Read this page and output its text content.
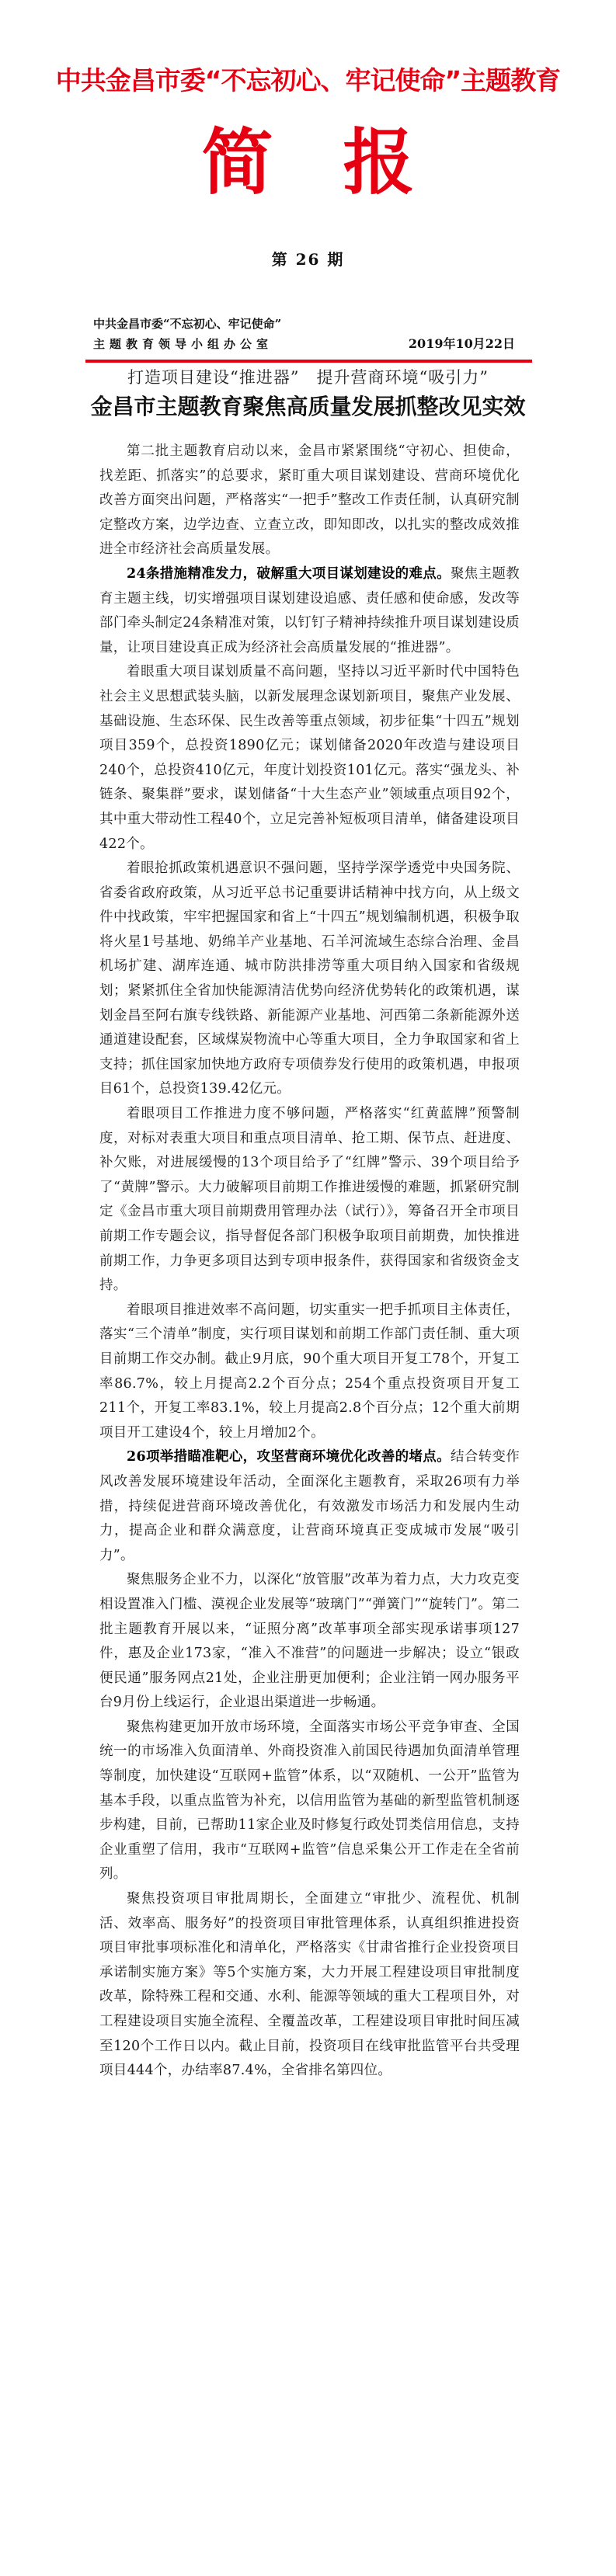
中共金昌市委“不忘初心、牢记使命”主题教育
简报
第 26 期
中共金昌市委“不忘初心、牢记使命”
主题教育领导小组办公室	2019年10月22日
打造项目建设“推进器”　提升营商环境“吸引力”
金昌市主题教育聚焦高质量发展抓整改见实效

第二批主题教育启动以来，金昌市紧紧围绕“守初心、担使命，找差距、抓落实”的总要求，紧盯重大项目谋划建设、营商环境优化改善方面突出问题，严格落实“一把手”整改工作责任制，认真研究制定整改方案，边学边查、立查立改，即知即改，以扎实的整改成效推进全市经济社会高质量发展。

24条措施精准发力，破解重大项目谋划建设的难点。聚焦主题教育主题主线，切实增强项目谋划建设追感、责任感和使命感，发改等部门牵头制定24条精准对策，以钉钉子精神持续推升项目谋划建设质量，让项目建设真正成为经济社会高质量发展的“推进器”。

着眼重大项目谋划质量不高问题，坚持以习近平新时代中国特色社会主义思想武装头脑，以新发展理念谋划新项目，聚焦产业发展、基础设施、生态环保、民生改善等重点领域，初步征集“十四五”规划项目359个，总投资1890亿元；谋划储备2020年改造与建设项目240个，总投资410亿元，年度计划投资101亿元。落实“强龙头、补链条、聚集群”要求，谋划储备“十大生态产业”领域重点项目92个，其中重大带动性工程40个，立足完善补短板项目清单，储备建设项目422个。

着眼抢抓政策机遇意识不强问题，坚持学深学透党中央国务院、省委省政府政策，从习近平总书记重要讲话精神中找方向，从上级文件中找政策，牢牢把握国家和省上“十四五”规划编制机遇，积极争取将火星1号基地、奶绵羊产业基地、石羊河流域生态综合治理、金昌机场扩建、湖库连通、城市防洪排涝等重大项目纳入国家和省级规划；紧紧抓住全省加快能源清洁优势向经济优势转化的政策机遇，谋划金昌至阿右旗专线铁路、新能源产业基地、河西第二条新能源外送通道建设配套，区域煤炭物流中心等重大项目，全力争取国家和省上支持；抓住国家加快地方政府专项债券发行使用的政策机遇，申报项目61个，总投资139.42亿元。

着眼项目工作推进力度不够问题，严格落实“红黄蓝牌”预警制度，对标对表重大项目和重点项目清单、抢工期、保节点、赶进度、补欠账，对进展缓慢的13个项目给予了“红牌”警示、39个项目给予了“黄牌”警示。大力破解项目前期工作推进缓慢的难题，抓紧研究制定《金昌市重大项目前期费用管理办法（试行）》，筹备召开全市项目前期工作专题会议，指导督促各部门积极争取项目前期费，加快推进前期工作，力争更多项目达到专项申报条件，获得国家和省级资金支持。

着眼项目推进效率不高问题，切实重实一把手抓项目主体责任，落实“三个清单”制度，实行项目谋划和前期工作部门责任制、重大项目前期工作交办制。截止9月底，90个重大项目开复工78个，开复工率86.7%，较上月提高2.2个百分点；254个重点投资项目开复工211个，开复工率83.1%，较上月提高2.8个百分点；12个重大前期项目开工建设4个，较上月增加2个。

26项举措瞄准靶心，攻坚营商环境优化改善的堵点。结合转变作风改善发展环境建设年活动，全面深化主题教育，采取26项有力举措，持续促进营商环境改善优化，有效激发市场活力和发展内生动力，提高企业和群众满意度，让营商环境真正变成城市发展“吸引力”。

聚焦服务企业不力，以深化“放管服”改革为着力点，大力攻克变相设置准入门槛、漠视企业发展等“玻璃门”“弹簧门”“旋转门”。第二批主题教育开展以来，“证照分离”改革事项全部实现承诺事项127件，惠及企业173家，“准入不准营”的问题进一步解决；设立“银政便民通”服务网点21处，企业注册更加便利；企业注销一网办服务平台9月份上线运行，企业退出渠道进一步畅通。

聚焦构建更加开放市场环境，全面落实市场公平竞争审查、全国统一的市场准入负面清单、外商投资准入前国民待遇加负面清单管理等制度，加快建设“互联网+监管”体系，以“双随机、一公开”监管为基本手段，以重点监管为补充，以信用监管为基础的新型监管机制逐步构建，目前，已帮助11家企业及时修复行政处罚类信用信息，支持企业重塑了信用，我市“互联网+监管”信息采集公开工作走在全省前列。

聚焦投资项目审批周期长，全面建立“审批少、流程优、机制活、效率高、服务好”的投资项目审批管理体系，认真组织推进投资项目审批事项标准化和清单化，严格落实《甘肃省推行企业投资项目承诺制实施方案》等5个实施方案，大力开展工程建设项目审批制度改革，除特殊工程和交通、水利、能源等领域的重大工程项目外，对工程建设项目实施全流程、全覆盖改革，工程建设项目审批时间压减至120个工作日以内。截止目前，投资项目在线审批监管平台共受理项目444个，办结率87.4%，全省排名第四位。
